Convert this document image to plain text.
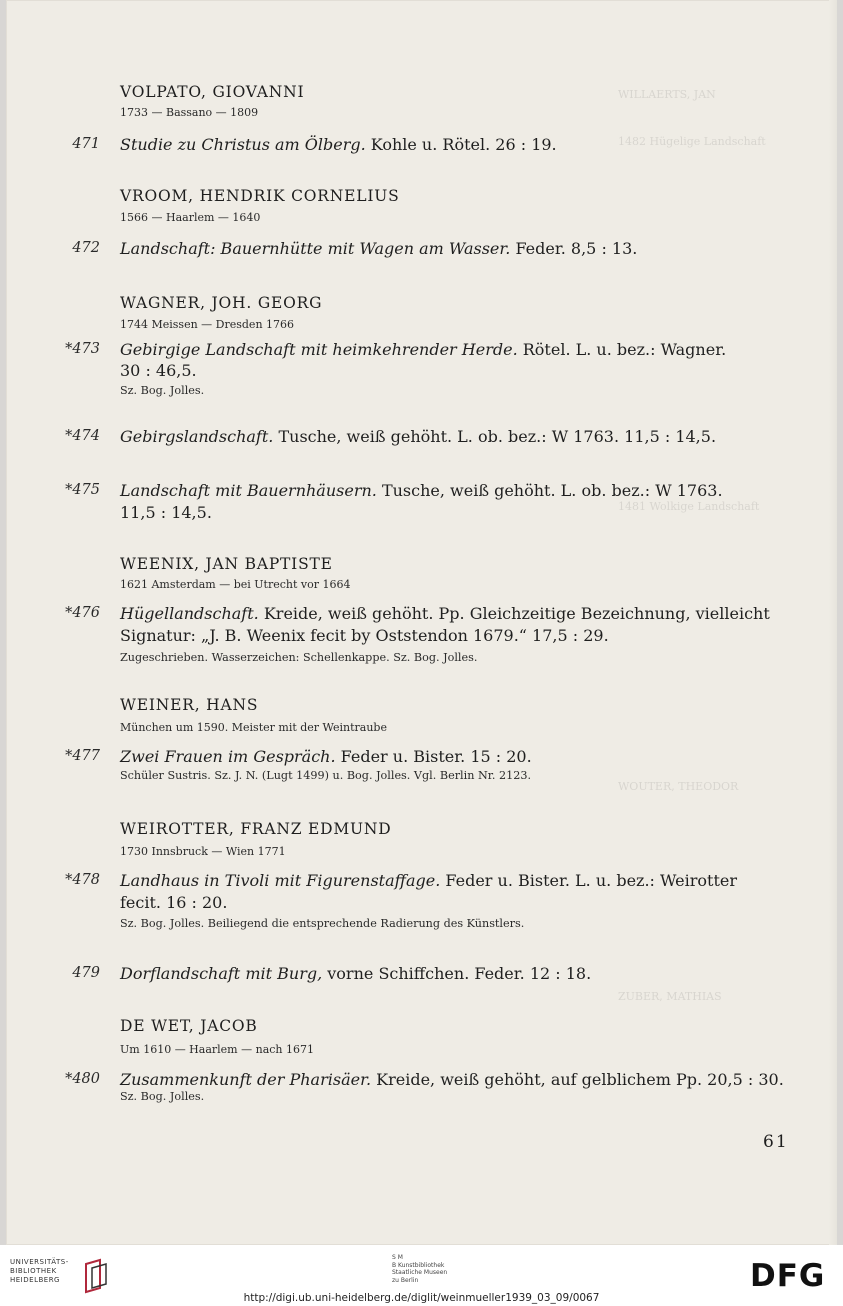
WILLAERTS, JAN
1482 Hügelige Landschaft
1481 Wolkige Landschaft
WOUTER, THEODOR
ZUBER, MATHIAS
VOLPATO, GIOVANNI
1733 — Bassano — 1809
471 Studie zu Christus am Ölberg. Kohle u. Rötel. 26 : 19.
VROOM, HENDRIK CORNELIUS
1566 — Haarlem — 1640
472 Landschaft: Bauernhütte mit Wagen am Wasser. Feder. 8,5 : 13.
WAGNER, JOH. GEORG
1744 Meissen — Dresden 1766
*473 Gebirgige Landschaft mit heimkehrender Herde. Rötel. L. u. bez.: Wagner.
30 : 46,5.
Sz. Bog. Jolles.
*474 Gebirgslandschaft. Tusche, weiß gehöht. L. ob. bez.: W 1763. 11,5 : 14,5.
*475 Landschaft mit Bauernhäusern. Tusche, weiß gehöht. L. ob. bez.: W 1763.
11,5 : 14,5.
WEENIX, JAN BAPTISTE
1621 Amsterdam — bei Utrecht vor 1664
*476 Hügellandschaft. Kreide, weiß gehöht. Pp. Gleichzeitige Bezeichnung, vielleicht
Signatur: „J. B. Weenix fecit by Oststendon 1679.“ 17,5 : 29.
Zugeschrieben. Wasserzeichen: Schellenkappe. Sz. Bog. Jolles.
WEINER, HANS
München um 1590. Meister mit der Weintraube
*477 Zwei Frauen im Gespräch. Feder u. Bister. 15 : 20.
Schüler Sustris. Sz. J. N. (Lugt 1499) u. Bog. Jolles. Vgl. Berlin Nr. 2123.
WEIROTTER, FRANZ EDMUND
1730 Innsbruck — Wien 1771
*478 Landhaus in Tivoli mit Figurenstaffage. Feder u. Bister. L. u. bez.: Weirotter
fecit. 16 : 20.
Sz. Bog. Jolles. Beiliegend die entsprechende Radierung des Künstlers.
479 Dorflandschaft mit Burg, vorne Schiffchen. Feder. 12 : 18.
DE WET, JACOB
Um 1610 — Haarlem — nach 1671
*480 Zusammenkunft der Pharisäer. Kreide, weiß gehöht, auf gelblichem Pp. 20,5 : 30.
Sz. Bog. Jolles.
61
UNIVERSITÄTS-
BIBLIOTHEK
HEIDELBERG
S M
B Kunstbibliothek
Staatliche Museen
zu Berlin	DFG
http://digi.ub.uni-heidelberg.de/diglit/weinmueller1939_03_09/0067
